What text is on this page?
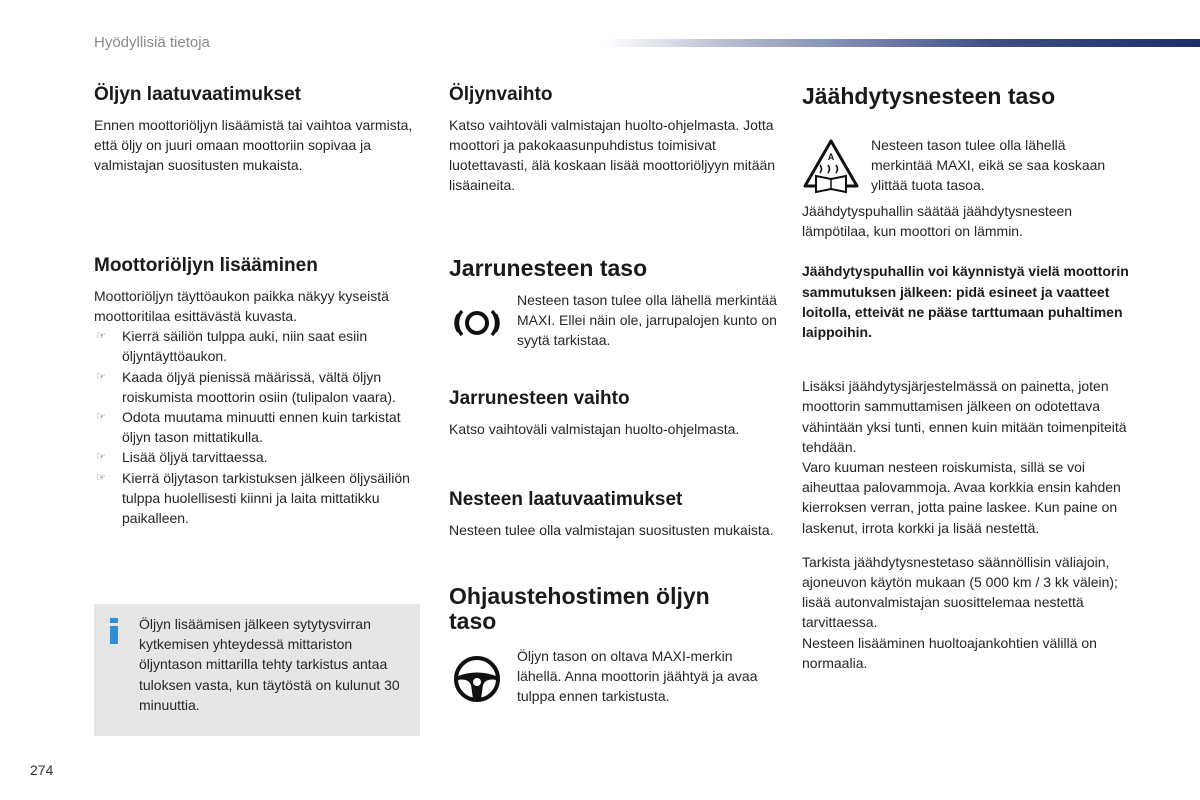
Hyödyllisiä tietoja
Öljyn laatuvaatimukset

Ennen moottoriöljyn lisäämistä tai vaihtoa varmista, että öljy on juuri omaan moottoriin sopivaa ja valmistajan suositusten mukaista.

Moottoriöljyn lisääminen

Moottoriöljyn täyttöaukon paikka näkyy kyseistä moottoritilaa esittävästä kuvasta.

☞ Kierrä säiliön tulppa auki, niin saat esiin öljyntäyttöaukon.
☞ Kaada öljyä pienissä määrissä, vältä öljyn roiskumista moottorin osiin (tulipalon vaara).
☞ Odota muutama minuutti ennen kuin tarkistat öljyn tason mittatikulla.
☞ Lisää öljyä tarvittaessa.
☞ Kierrä öljytason tarkistuksen jälkeen öljysäiliön tulppa huolellisesti kiinni ja laita mittatikku paikalleen.

Öljyn lisäämisen jälkeen sytytysvirran kytkemisen yhteydessä mittariston öljyntason mittarilla tehty tarkistus antaa tuloksen vasta, kun täytöstä on kulunut 30 minuuttia.

Öljynvaihto

Katso vaihtoväli valmistajan huolto-ohjelmasta. Jotta moottori ja pakokaasunpuhdistus toimisivat luotettavasti, älä koskaan lisää moottoriöljyyn mitään lisäaineita.

Jarrunesteen taso

Nesteen tason tulee olla lähellä merkintää MAXI. Ellei näin ole, jarrupalojen kunto on syytä tarkistaa.

Jarrunesteen vaihto

Katso vaihtoväli valmistajan huolto-ohjelmasta.

Nesteen laatuvaatimukset

Nesteen tulee olla valmistajan suositusten mukaista.

Ohjaustehostimen öljyn
taso

Öljyn tason on oltava MAXI-merkin lähellä. Anna moottorin jäähtyä ja avaa tulppa ennen tarkistusta.

Jäähdytysnesteen taso
A

Nesteen tason tulee olla lähellä merkintää MAXI, eikä se saa koskaan ylittää tuota tasoa.

Jäähdytyspuhallin säätää jäähdytysnesteen lämpötilaa, kun moottori on lämmin.

Jäähdytyspuhallin voi käynnistyä vielä moottorin sammutuksen jälkeen: pidä esineet ja vaatteet loitolla, etteivät ne pääse tarttumaan puhaltimen laippoihin.

Lisäksi jäähdytysjärjestelmässä on painetta, joten moottorin sammuttamisen jälkeen on odotettava vähintään yksi tunti, ennen kuin mitään toimenpiteitä tehdään.

Varo kuuman nesteen roiskumista, sillä se voi aiheuttaa palovammoja. Avaa korkkia ensin kahden kierroksen verran, jotta paine laskee. Kun paine on laskenut, irrota korkki ja lisää nestettä.

Tarkista jäähdytysnestetaso säännöllisin väliajoin, ajoneuvon käytön mukaan (5 000 km / 3 kk välein); lisää autonvalmistajan suosittelemaa nestettä tarvittaessa.

Nesteen lisääminen huoltoajankohtien välillä on normaalia.

274
